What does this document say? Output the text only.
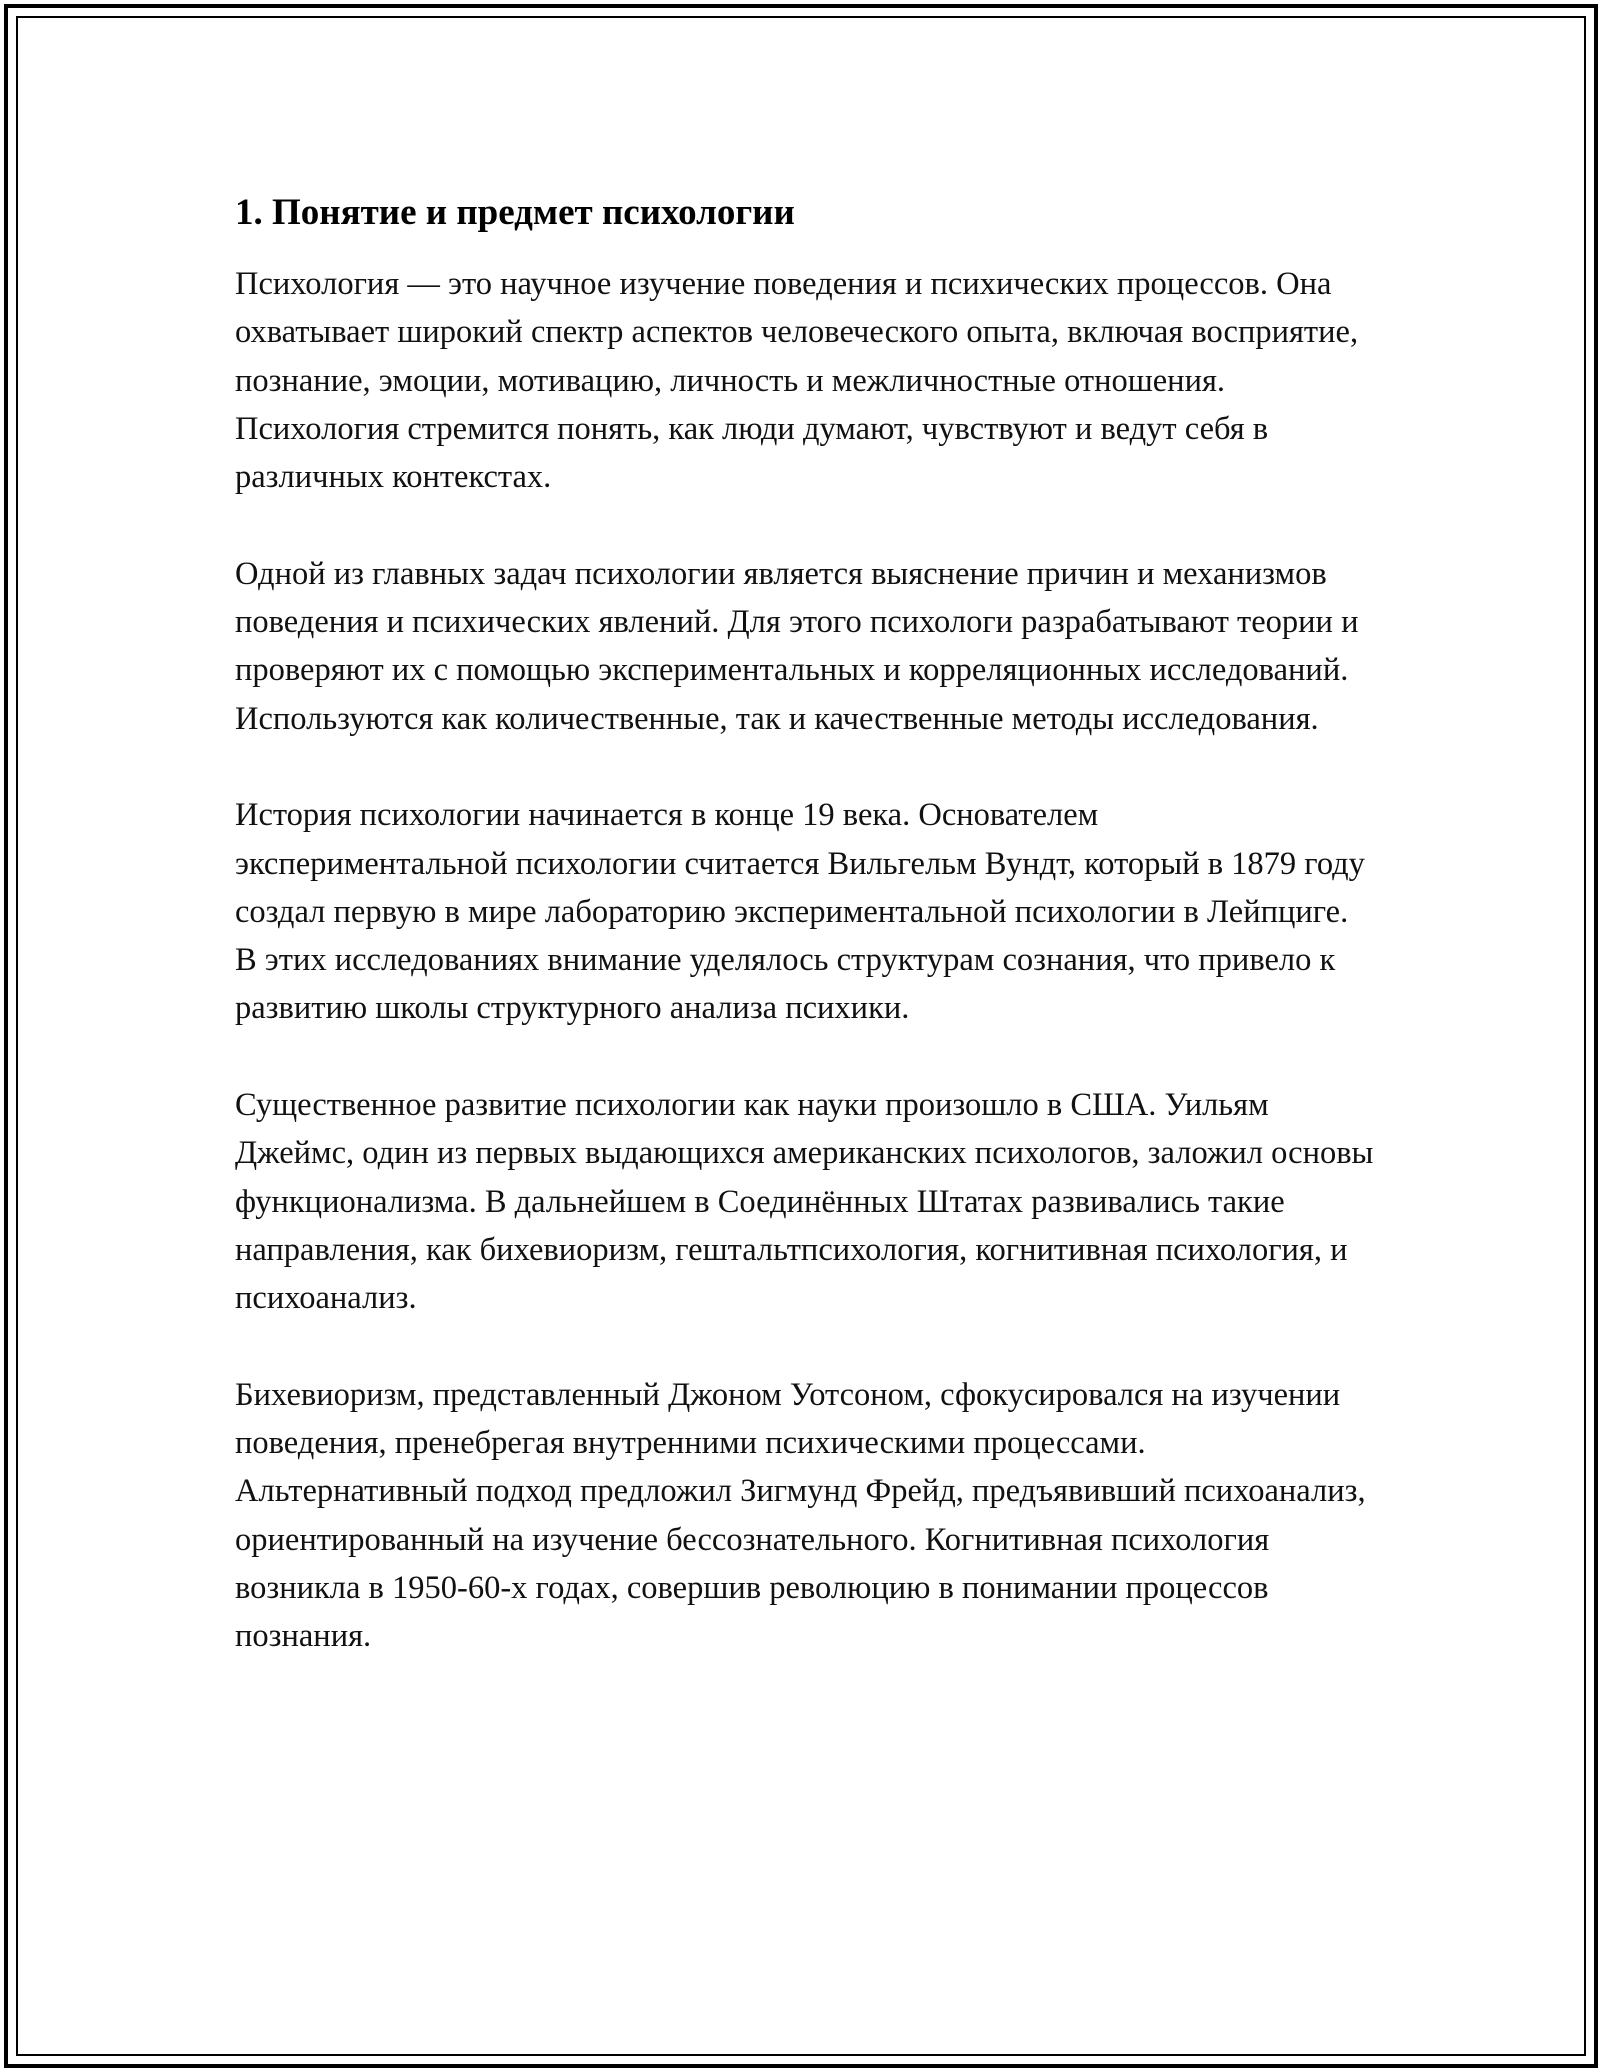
1. Понятие и предмет психологии

Психология — это научное изучение поведения и психических процессов. Она охватывает широкий спектр аспектов человеческого опыта, включая восприятие, познание, эмоции, мотивацию, личность и межличностные отношения. Психология стремится понять, как люди думают, чувствуют и ведут себя в различных контекстах.

Одной из главных задач психологии является выяснение причин и механизмов поведения и психических явлений. Для этого психологи разрабатывают теории и проверяют их с помощью экспериментальных и корреляционных исследований. Используются как количественные, так и качественные методы исследования.

История психологии начинается в конце 19 века. Основателем экспериментальной психологии считается Вильгельм Вундт, который в 1879 году создал первую в мире лабораторию экспериментальной психологии в Лейпциге. В этих исследованиях внимание уделялось структурам сознания, что привело к развитию школы структурного анализа психики.

Существенное развитие психологии как науки произошло в США. Уильям Джеймс, один из первых выдающихся американских психологов, заложил основы функционализма. В дальнейшем в Соединённых Штатах развивались такие направления, как бихевиоризм, гештальтпсихология, когнитивная психология, и психоанализ.

Бихевиоризм, представленный Джоном Уотсоном, сфокусировался на изучении поведения, пренебрегая внутренними психическими процессами. Альтернативный подход предложил Зигмунд Фрейд, предъявивший психоанализ, ориентированный на изучение бессознательного. Когнитивная психология возникла в 1950-60-х годах, совершив революцию в понимании процессов познания.
